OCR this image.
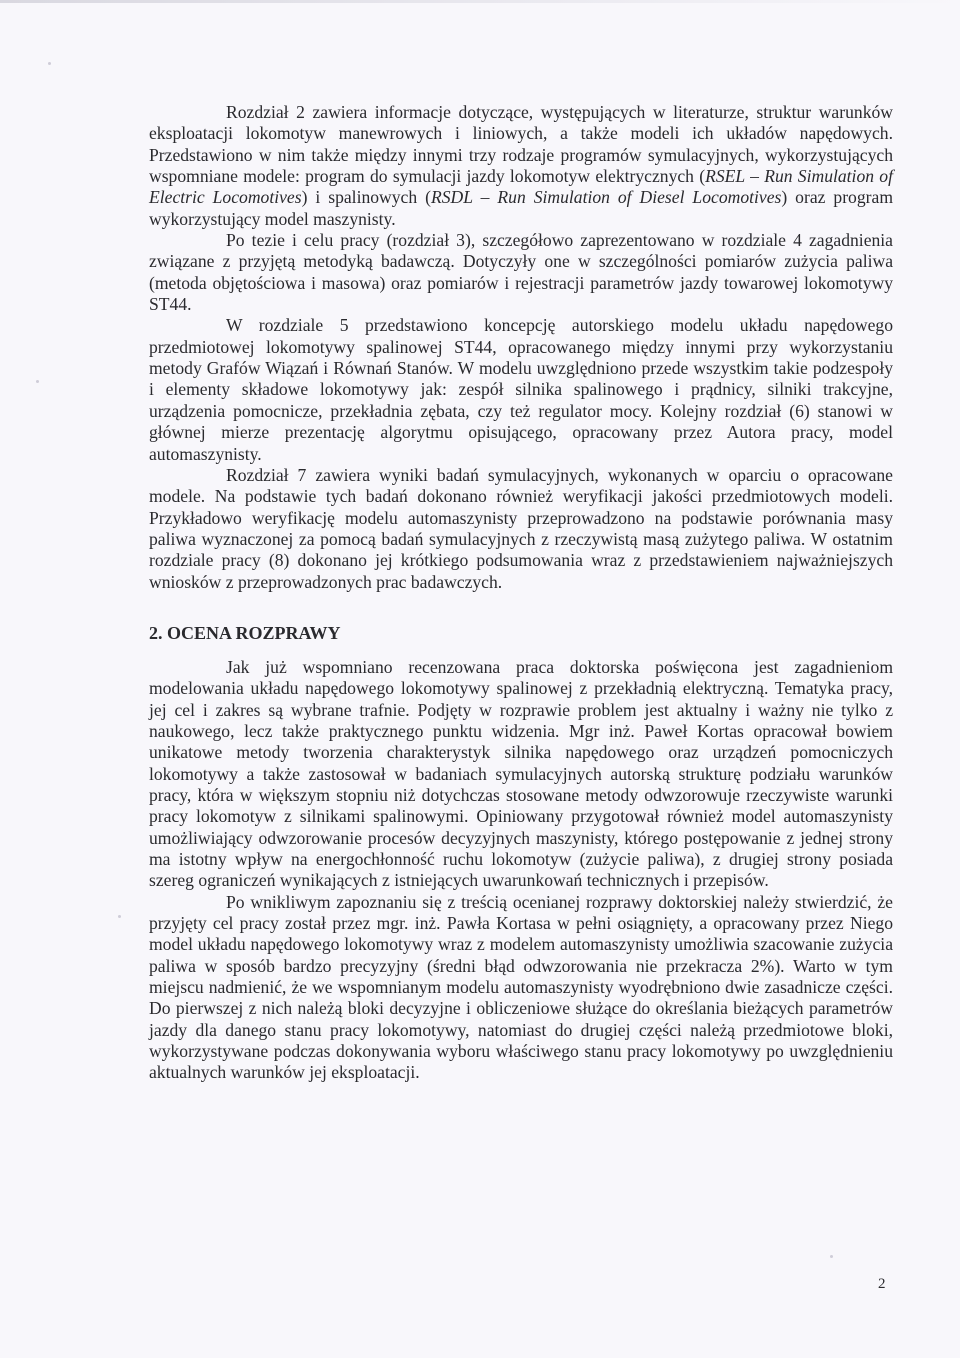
Rozdział 2 zawiera informacje dotyczące, występujących w literaturze, struktur warunków eksploatacji lokomotyw manewrowych i liniowych, a także modeli ich układów napędowych. Przedstawiono w nim także między innymi trzy rodzaje programów symulacyjnych, wykorzystujących wspomniane modele: program do symulacji jazdy lokomotyw elektrycznych (RSEL – Run Simulation of Electric Locomotives) i spalinowych (RSDL – Run Simulation of Diesel Locomotives) oraz program wykorzystujący model maszynisty.

Po tezie i celu pracy (rozdział 3), szczegółowo zaprezentowano w rozdziale 4 zagadnienia związane z przyjętą metodyką badawczą. Dotyczyły one w szczególności pomiarów zużycia paliwa (metoda objętościowa i masowa) oraz pomiarów i rejestracji parametrów jazdy towarowej lokomotywy ST44.

W rozdziale 5 przedstawiono koncepcję autorskiego modelu układu napędowego przedmiotowej lokomotywy spalinowej ST44, opracowanego między innymi przy wykorzystaniu metody Grafów Wiązań i Równań Stanów. W modelu uwzględniono przede wszystkim takie podzespoły i elementy składowe lokomotywy jak: zespół silnika spalinowego i prądnicy, silniki trakcyjne, urządzenia pomocnicze, przekładnia zębata, czy też regulator mocy. Kolejny rozdział (6) stanowi w głównej mierze prezentację algorytmu opisującego, opracowany przez Autora pracy, model automaszynisty.

Rozdział 7 zawiera wyniki badań symulacyjnych, wykonanych w oparciu o opracowane modele. Na podstawie tych badań dokonano również weryfikacji jakości przedmiotowych modeli. Przykładowo weryfikację modelu automaszynisty przeprowadzono na podstawie porównania masy paliwa wyznaczonej za pomocą badań symulacyjnych z rzeczywistą masą zużytego paliwa. W ostatnim rozdziale pracy (8) dokonano jej krótkiego podsumowania wraz z przedstawieniem najważniejszych wniosków z przeprowadzonych prac badawczych.

2. OCENA ROZPRAWY

Jak już wspomniano recenzowana praca doktorska poświęcona jest zagadnieniom modelowania układu napędowego lokomotywy spalinowej z przekładnią elektryczną. Tematyka pracy, jej cel i zakres są wybrane trafnie. Podjęty w rozprawie problem jest aktualny i ważny nie tylko z naukowego, lecz także praktycznego punktu widzenia. Mgr inż. Paweł Kortas opracował bowiem unikatowe metody tworzenia charakterystyk silnika napędowego oraz urządzeń pomocniczych lokomotywy a także zastosował w badaniach symulacyjnych autorską strukturę podziału warunków pracy, która w większym stopniu niż dotychczas stosowane metody odwzorowuje rzeczywiste warunki pracy lokomotyw z silnikami spalinowymi. Opiniowany przygotował również model automaszynisty umożliwiający odwzorowanie procesów decyzyjnych maszynisty, którego postępowanie z jednej strony ma istotny wpływ na energochłonność ruchu lokomotyw (zużycie paliwa), z drugiej strony posiada szereg ograniczeń wynikających z istniejących uwarunkowań technicznych i przepisów.

Po wnikliwym zapoznaniu się z treścią ocenianej rozprawy doktorskiej należy stwierdzić, że przyjęty cel pracy został przez mgr. inż. Pawła Kortasa w pełni osiągnięty, a opracowany przez Niego model układu napędowego lokomotywy wraz z modelem automaszynisty umożliwia szacowanie zużycia paliwa w sposób bardzo precyzyjny (średni błąd odwzorowania nie przekracza 2%). Warto w tym miejscu nadmienić, że we wspomnianym modelu automaszynisty wyodrębniono dwie zasadnicze części. Do pierwszej z nich należą bloki decyzyjne i obliczeniowe służące do określania bieżących parametrów jazdy dla danego stanu pracy lokomotywy, natomiast do drugiej części należą przedmiotowe bloki, wykorzystywane podczas dokonywania wyboru właściwego stanu pracy lokomotywy po uwzględnieniu aktualnych warunków jej eksploatacji.

2
